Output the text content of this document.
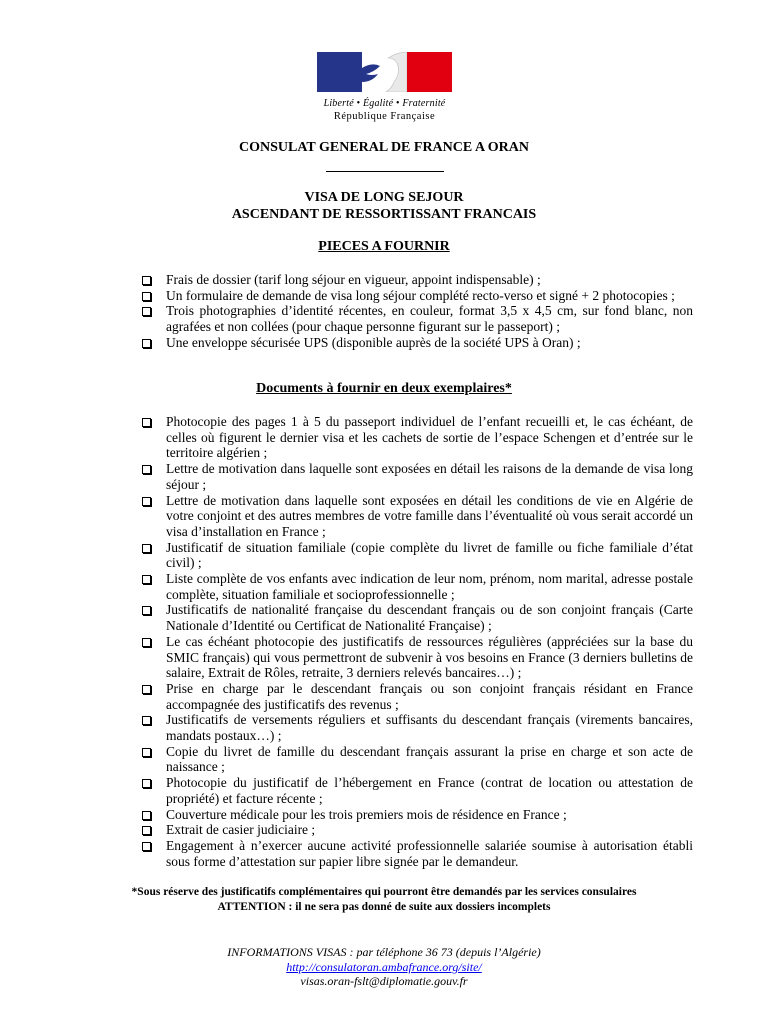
Liberté • Égalité • Fraternité
République Française
CONSULAT GENERAL DE FRANCE A ORAN
VISA DE LONG SEJOUR
ASCENDANT DE RESSORTISSANT FRANCAIS
PIECES A FOURNIR
Frais de dossier (tarif long séjour en vigueur, appoint indispensable) ;
Un formulaire de demande de visa long séjour complété recto-verso et signé + 2 photocopies ;
Trois photographies d’identité récentes, en couleur, format 3,5 x 4,5 cm, sur fond blanc, non agrafées et non collées (pour chaque personne figurant sur le passeport) ;
Une enveloppe sécurisée UPS (disponible auprès de la société UPS à Oran) ;
Documents à fournir en deux exemplaires*
Photocopie des pages 1 à 5 du passeport individuel de l’enfant recueilli et, le cas échéant, de celles où figurent le dernier visa et les cachets de sortie de l’espace Schengen et d’entrée sur le territoire algérien ;
Lettre de motivation dans laquelle sont exposées en détail les raisons de la demande de visa long séjour ;
Lettre de motivation dans laquelle sont exposées en détail les conditions de vie en Algérie de votre conjoint et des autres membres de votre famille dans l’éventualité où vous serait accordé un visa d’installation en France ;
Justificatif de situation familiale (copie complète du livret de famille ou fiche familiale d’état civil) ;
Liste complète de vos enfants avec indication de leur nom, prénom, nom marital, adresse postale complète, situation familiale et socioprofessionnelle ;
Justificatifs de nationalité française du descendant français ou de son conjoint français (Carte Nationale d’Identité ou Certificat de Nationalité Française) ;
Le cas échéant photocopie des justificatifs de ressources régulières (appréciées sur la base du SMIC français) qui vous permettront de subvenir à vos besoins en France (3 derniers bulletins de salaire, Extrait de Rôles, retraite, 3 derniers relevés bancaires…) ;
Prise en charge par le descendant français ou son conjoint français résidant en France accompagnée des justificatifs des revenus ;
Justificatifs de versements réguliers et suffisants du descendant français (virements bancaires, mandats postaux…) ;
Copie du livret de famille du descendant français assurant la prise en charge et son acte de naissance ;
Photocopie du justificatif de l’hébergement en France (contrat de location ou attestation de propriété) et facture récente ;
Couverture médicale pour les trois premiers mois de résidence en France ;
Extrait de casier judiciaire ;
Engagement à n’exercer aucune activité professionnelle salariée soumise à autorisation établi sous forme d’attestation sur papier libre signée par le demandeur.
*Sous réserve des justificatifs complémentaires qui pourront être demandés par les services consulaires
ATTENTION : il ne sera pas donné de suite aux dossiers incomplets
INFORMATIONS VISAS : par téléphone 36 73 (depuis l’Algérie)
http://consulatoran.ambafrance.org/site/
visas.oran-fslt@diplomatie.gouv.fr
